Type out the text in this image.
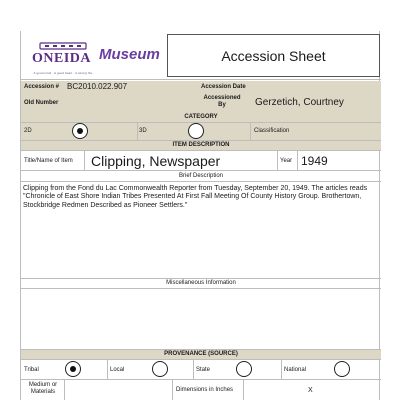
ONEIDA
A good mind · A good heart · A strong fire
Museum	Accession Sheet
Accession # BC2010.022.907	Accession Date
Old Number
Accessioned By	Gerzetich, Courtney
CATEGORY
2D	3D	Classification
ITEM DESCRIPTION
Title/Name of Item Clipping, Newspaper	Year 1949
Brief Description
Clipping from the Fond du Lac Commonwealth Reporter from Tuesday, September 20, 1949. The articles reads "Chronicle of East Shore Indian Tribes Presented At First Fall Meeting Of County History Group. Brothertown, Stockbridge Redmen Described as Pioneer Settlers."
Miscellaneous Information
PROVENANCE (SOURCE)
Tribal	Local	State	National
Medium or Materials	Dimensions in Inches	X
